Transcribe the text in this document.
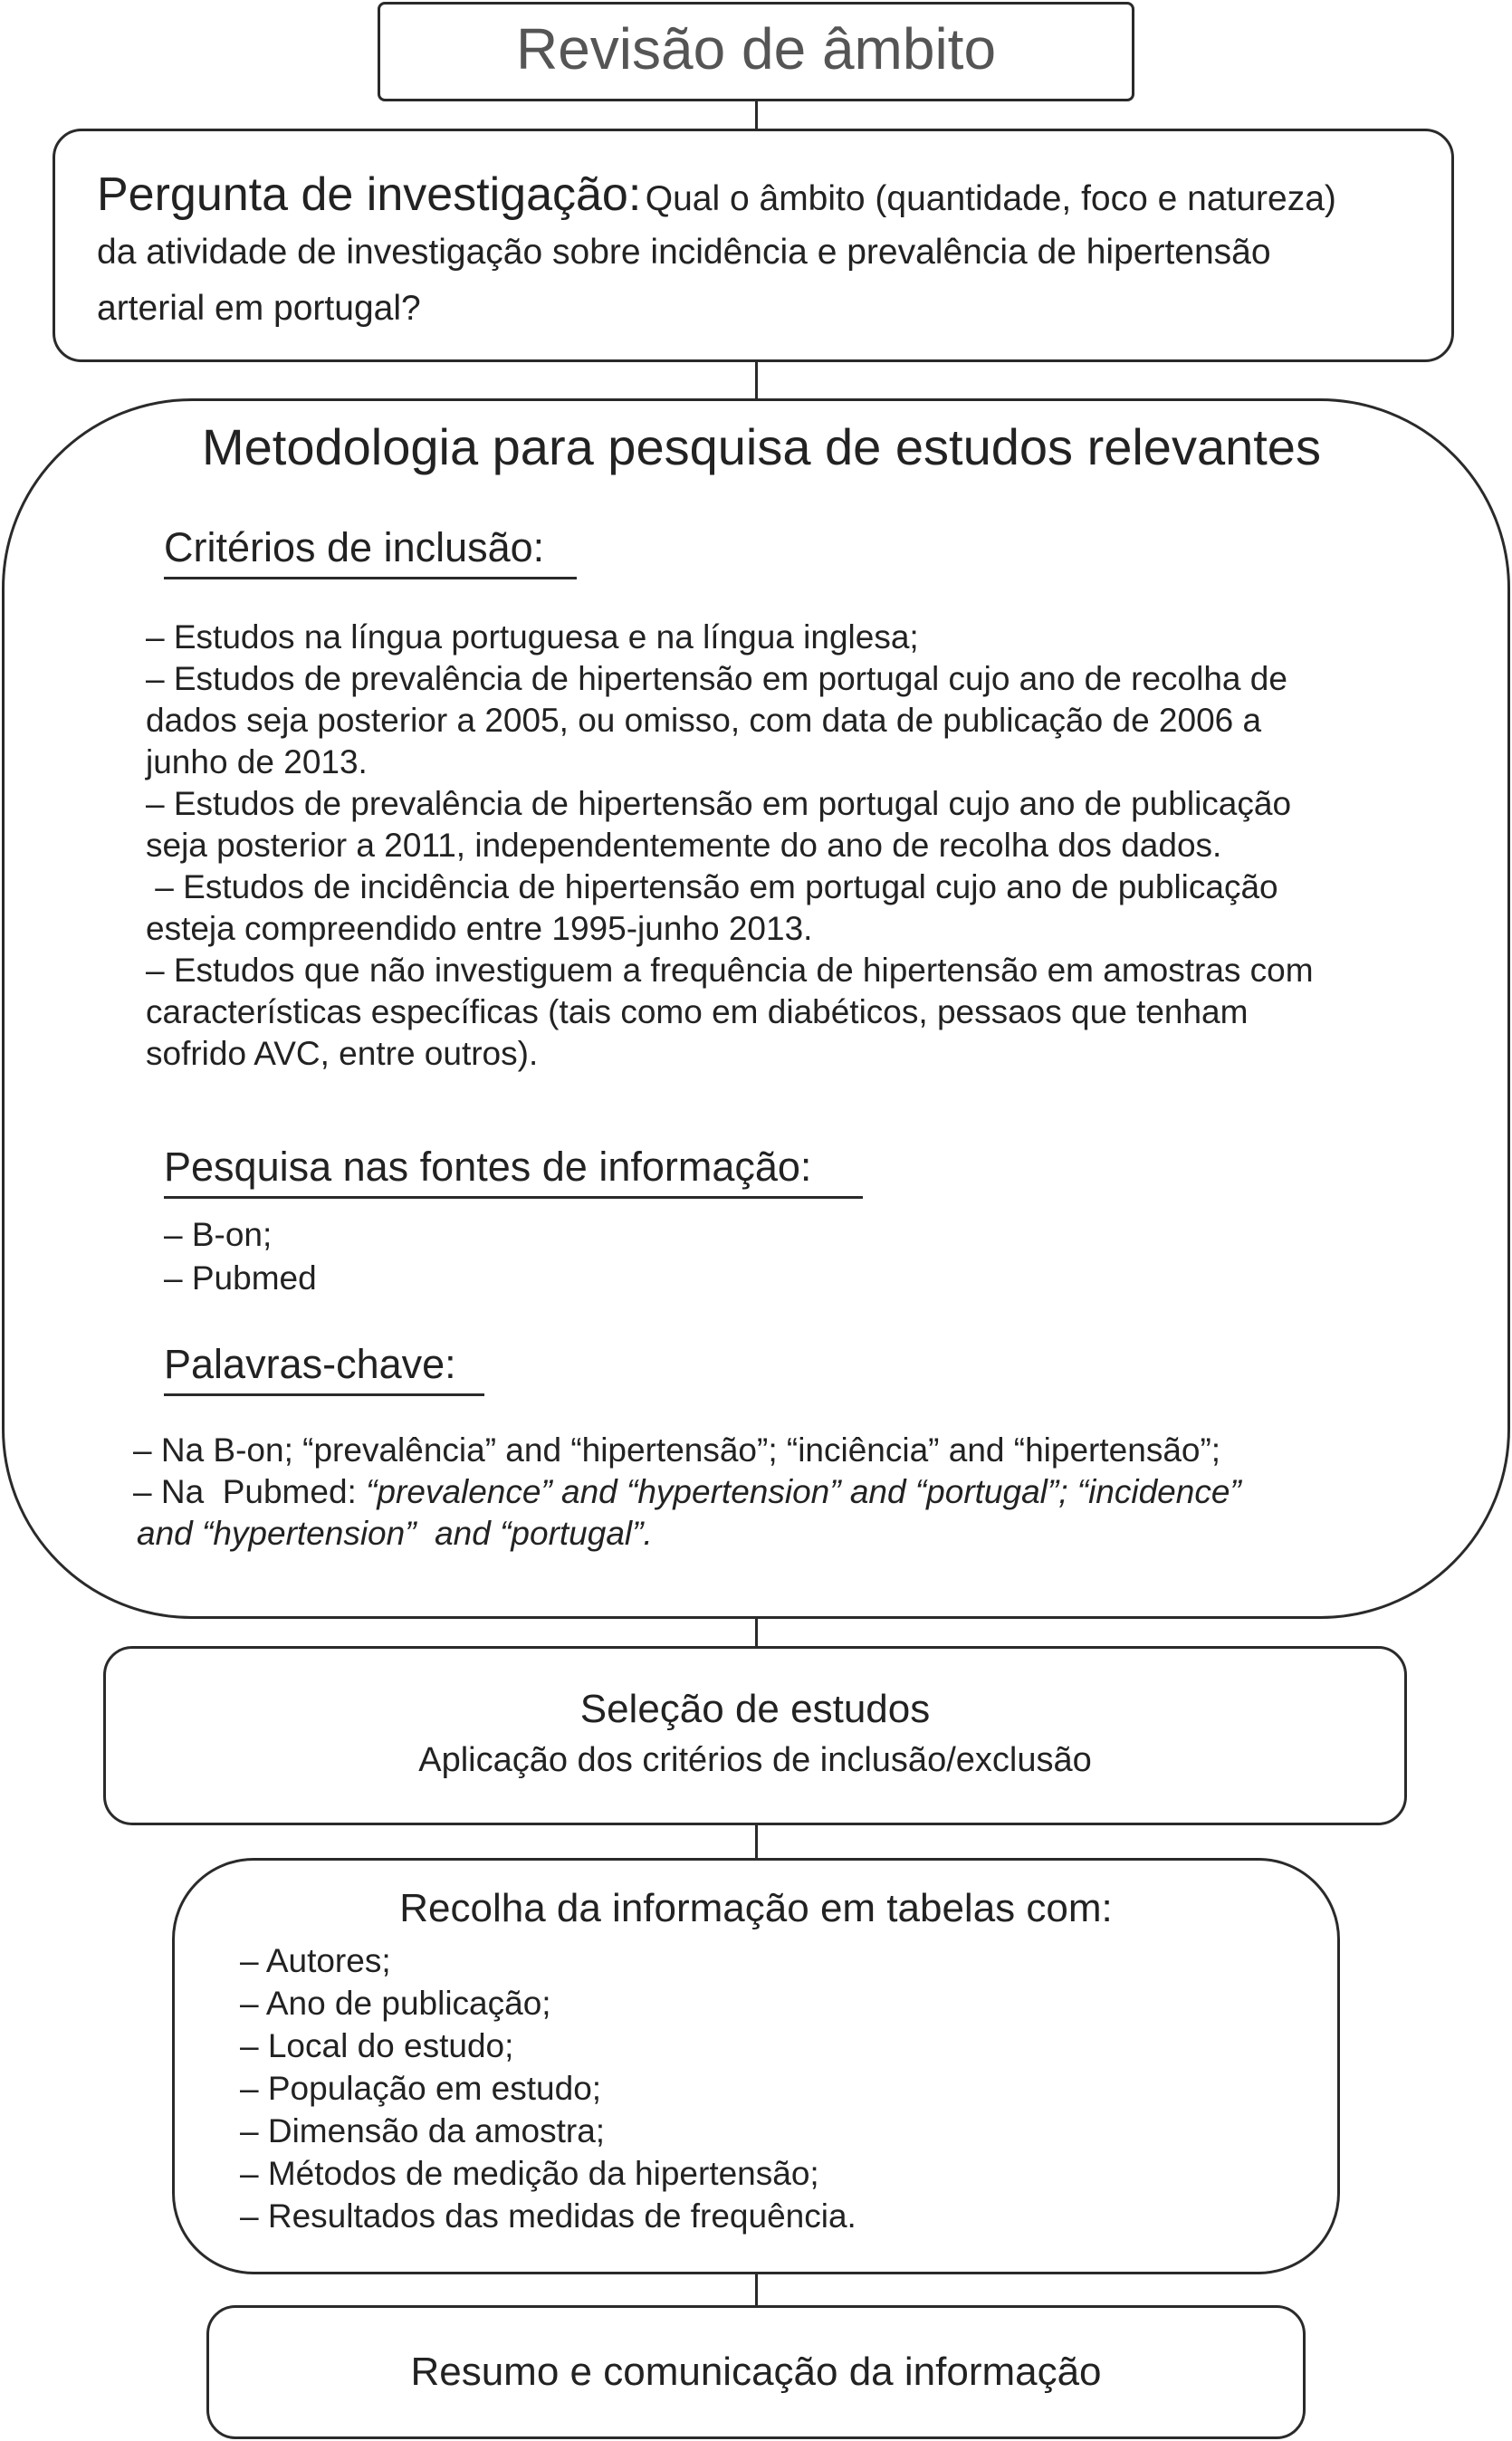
Revisão de âmbito
Pergunta de investigação: Qual o âmbito (quantidade, foco e natureza)
da atividade de investigação sobre incidência e prevalência de hipertensão
arterial em portugal?
Metodologia para pesquisa de estudos relevantes
Critérios de inclusão:
– Estudos na língua portuguesa e na língua inglesa;
– Estudos de prevalência de hipertensão em portugal cujo ano de recolha de
dados seja posterior a 2005, ou omisso, com data de publicação de 2006 a
junho de 2013.
– Estudos de prevalência de hipertensão em portugal cujo ano de publicação
seja posterior a 2011, independentemente do ano de recolha dos dados.
– Estudos de incidência de hipertensão em portugal cujo ano de publicação
esteja compreendido entre 1995-junho 2013.
– Estudos que não investiguem a frequência de hipertensão em amostras com
características específicas (tais como em diabéticos, pessaos que tenham
sofrido AVC, entre outros).
Pesquisa nas fontes de informação:
– B-on;
– Pubmed
Palavras-chave:
– Na B-on; “prevalência” and “hipertensão”; “inciência” and “hipertensão”;
– Na  Pubmed: “prevalence” and “hypertension” and “portugal”; “incidence”
and “hypertension”  and “portugal”.
Seleção de estudos
Aplicação dos critérios de inclusão/exclusão
Recolha da informação em tabelas com:
– Autores;
– Ano de publicação;
– Local do estudo;
– População em estudo;
– Dimensão da amostra;
– Métodos de medição da hipertensão;
– Resultados das medidas de frequência.
Resumo e comunicação da informação
